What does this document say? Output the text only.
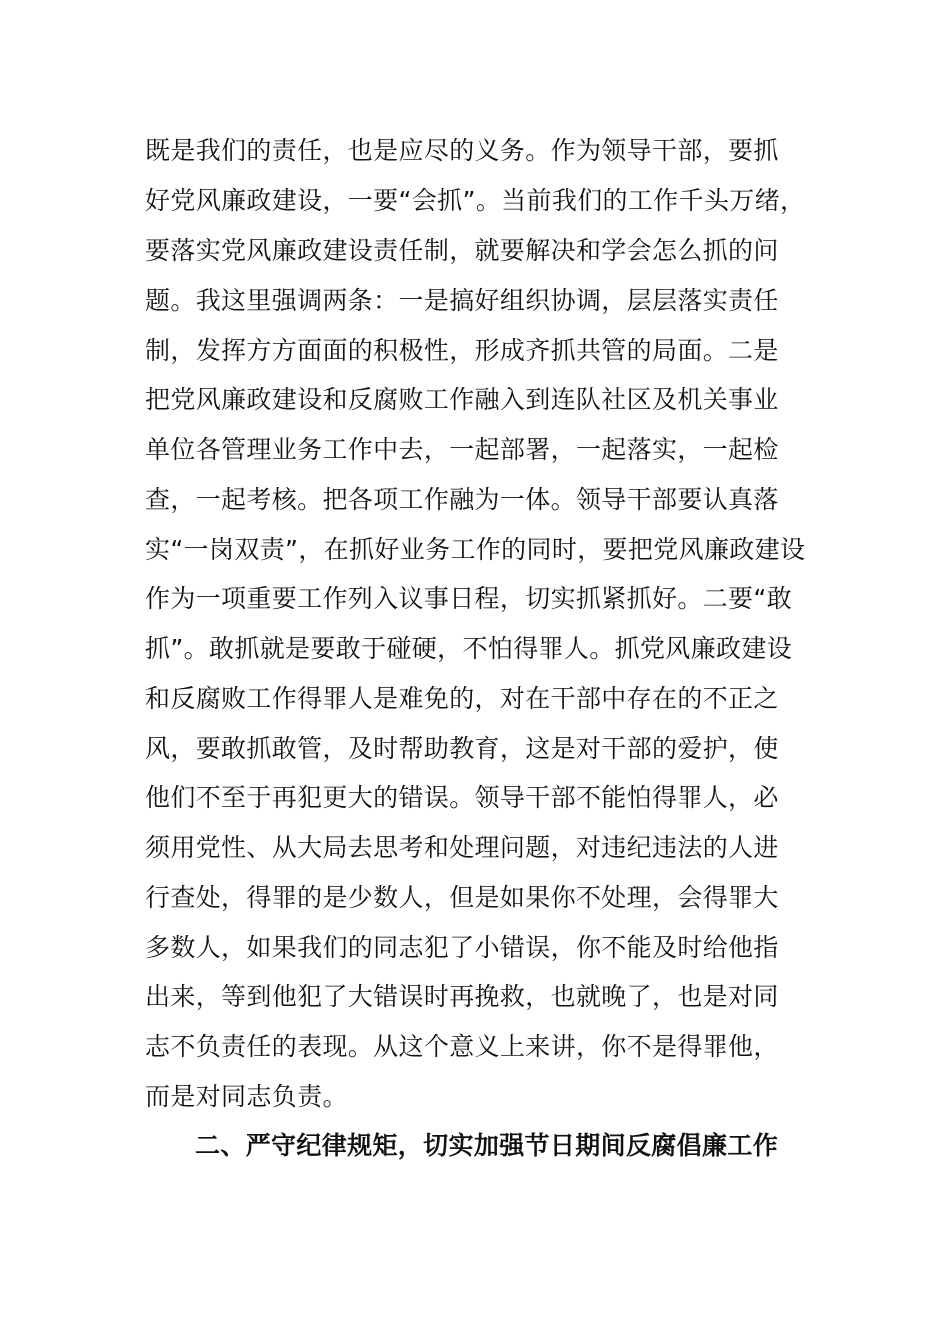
既是我们的责任，也是应尽的义务。作为领导干部，要抓
好党风廉政建设，一要“会抓”。当前我们的工作千头万绪，
要落实党风廉政建设责任制，就要解决和学会怎么抓的问
题。我这里强调两条：一是搞好组织协调，层层落实责任
制，发挥方方面面的积极性，形成齐抓共管的局面。二是
把党风廉政建设和反腐败工作融入到连队社区及机关事业
单位各管理业务工作中去，一起部署，一起落实，一起检
查，一起考核。把各项工作融为一体。领导干部要认真落
实“一岗双责”，在抓好业务工作的同时，要把党风廉政建设
作为一项重要工作列入议事日程，切实抓紧抓好。二要“敢
抓”。敢抓就是要敢于碰硬，不怕得罪人。抓党风廉政建设
和反腐败工作得罪人是难免的，对在干部中存在的不正之
风，要敢抓敢管，及时帮助教育，这是对干部的爱护，使
他们不至于再犯更大的错误。领导干部不能怕得罪人，必
须用党性、从大局去思考和处理问题，对违纪违法的人进
行查处，得罪的是少数人，但是如果你不处理，会得罪大
多数人，如果我们的同志犯了小错误，你不能及时给他指
出来，等到他犯了大错误时再挽救，也就晚了，也是对同
志不负责任的表现。从这个意义上来讲，你不是得罪他，
而是对同志负责。
二、严守纪律规矩，切实加强节日期间反腐倡廉工作
